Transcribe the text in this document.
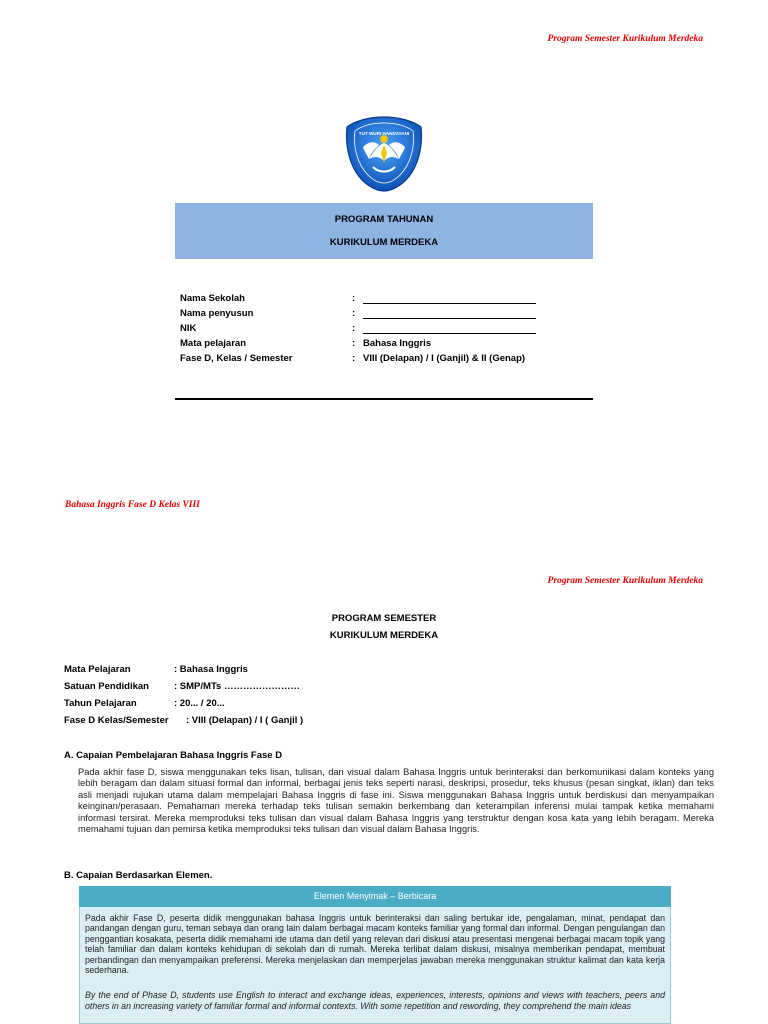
Program Semester Kurikulum Merdeka
TUT WURI HANDAYANI
PROGRAM TAHUNAN
KURIKULUM MERDEKA
Nama Sekolah	:
Nama penyusun	:
NIK	:
Mata pelajaran	: Bahasa Inggris
Fase D, Kelas / Semester	: VIII (Delapan) / I (Ganjil) & II (Genap)
Bahasa Inggris Fase D Kelas VIII
Program Semester Kurikulum Merdeka
PROGRAM SEMESTER
KURIKULUM MERDEKA
Mata Pelajaran	: Bahasa Inggris
Satuan Pendidikan	: SMP/MTs ……………………
Tahun Pelajaran	: 20... / 20...
Fase D Kelas/Semester : VIII (Delapan) / I ( Ganjil )
A. Capaian Pembelajaran Bahasa Inggris Fase D
Pada akhir fase D, siswa menggunakan teks lisan, tulisan, dan visual dalam Bahasa Inggris untuk berinteraksi dan berkomunikasi dalam konteks yang lebih beragam dan dalam situasi formal dan informal, berbagai jenis teks seperti narasi, deskripsi, prosedur, teks khusus (pesan singkat, iklan) dan teks asli menjadi rujukan utama dalam mempelajari Bahasa Inggris di fase ini. Siswa menggunakan Bahasa Inggris untuk berdiskusi dan menyampaikan keinginan/perasaan. Pemahaman mereka terhadap teks tulisan semakin berkembang dan keterampilan inferensi mulai tampak ketika memahami informasi tersirat. Mereka memproduksi teks tulisan dan visual dalam Bahasa Inggris yang terstruktur dengan kosa kata yang lebih beragam. Mereka memahami tujuan dan pemirsa ketika memproduksi teks tulisan dan visual dalam Bahasa Inggris.
B. Capaian Berdasarkan Elemen.
Elemen Menyimak – Berbicara

Pada akhir Fase D, peserta didik menggunakan bahasa Inggris untuk berinteraksi dan saling bertukar ide, pengalaman, minat, pendapat dan pandangan dengan guru, teman sebaya dan orang lain dalam berbagai macam konteks familiar yang formal dan informal. Dengan pengulangan dan penggantian kosakata, peserta didik memahami ide utama dan detil yang relevan dari diskusi atau presentasi mengenai berbagai macam topik yang telah familiar dan dalam konteks kehidupan di sekolah dan di rumah. Mereka terlibat dalam diskusi, misalnya memberikan pendapat, membuat perbandingan dan menyampaikan preferensi. Mereka menjelaskan dan memperjelas jawaban mereka menggunakan struktur kalimat dan kata kerja sederhana.

By the end of Phase D, students use English to interact and exchange ideas, experiences, interests, opinions and views with teachers, peers and others in an increasing variety of familiar formal and informal contexts. With some repetition and rewording, they comprehend the main ideas
